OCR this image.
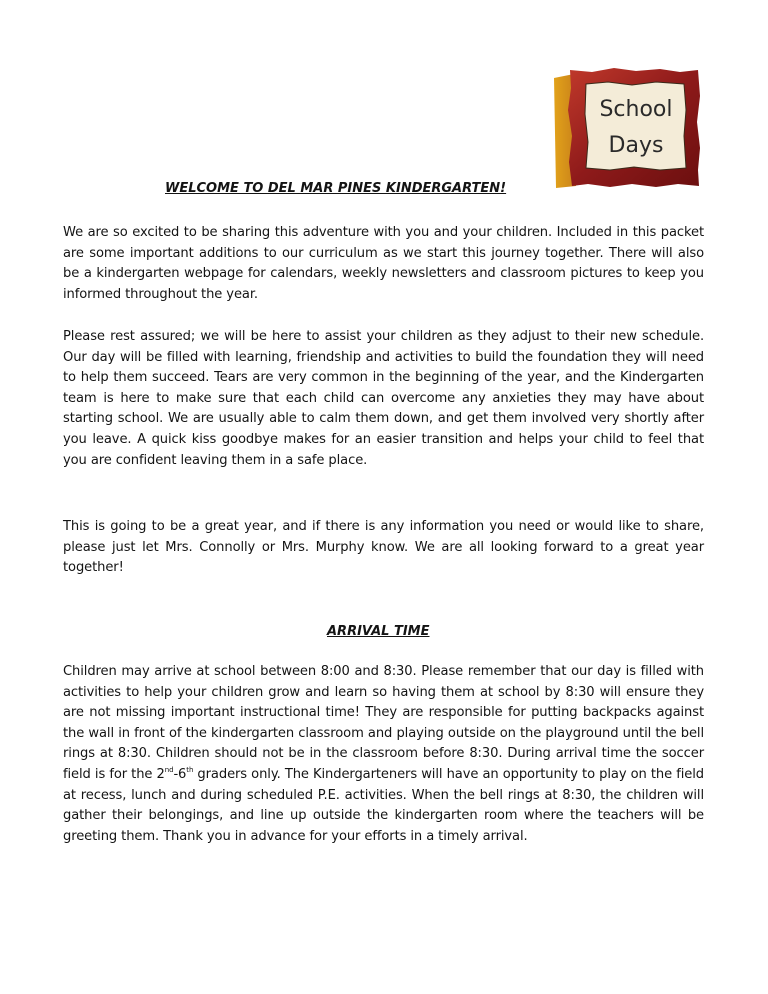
School
Days
WELCOME TO DEL MAR PINES KINDERGARTEN!
We are so excited to be sharing this adventure with you and your children. Included in this packet are some important additions to our curriculum as we start this journey together. There will also be a kindergarten webpage for calendars, weekly newsletters and classroom pictures to keep you informed throughout the year.
Please rest assured; we will be here to assist your children as they adjust to their new schedule. Our day will be filled with learning, friendship and activities to build the foundation they will need to help them succeed. Tears are very common in the beginning of the year, and the Kindergarten team is here to make sure that each child can overcome any anxieties they may have about starting school. We are usually able to calm them down, and get them involved very shortly after you leave. A quick kiss goodbye makes for an easier transition and helps your child to feel that you are confident leaving them in a safe place.
This is going to be a great year, and if there is any information you need or would like to share, please just let Mrs. Connolly or Mrs. Murphy know. We are all looking forward to a great year together!
ARRIVAL TIME
Children may arrive at school between 8:00 and 8:30. Please remember that our day is filled with activities to help your children grow and learn so having them at school by 8:30 will ensure they are not missing important instructional time! They are responsible for putting backpacks against the wall in front of the kindergarten classroom and playing outside on the playground until the bell rings at 8:30. Children should not be in the classroom before 8:30. During arrival time the soccer field is for the 2nd-6th graders only. The Kindergarteners will have an opportunity to play on the field at recess, lunch and during scheduled P.E. activities. When the bell rings at 8:30, the children will gather their belongings, and line up outside the kindergarten room where the teachers will be greeting them. Thank you in advance for your efforts in a timely arrival.
